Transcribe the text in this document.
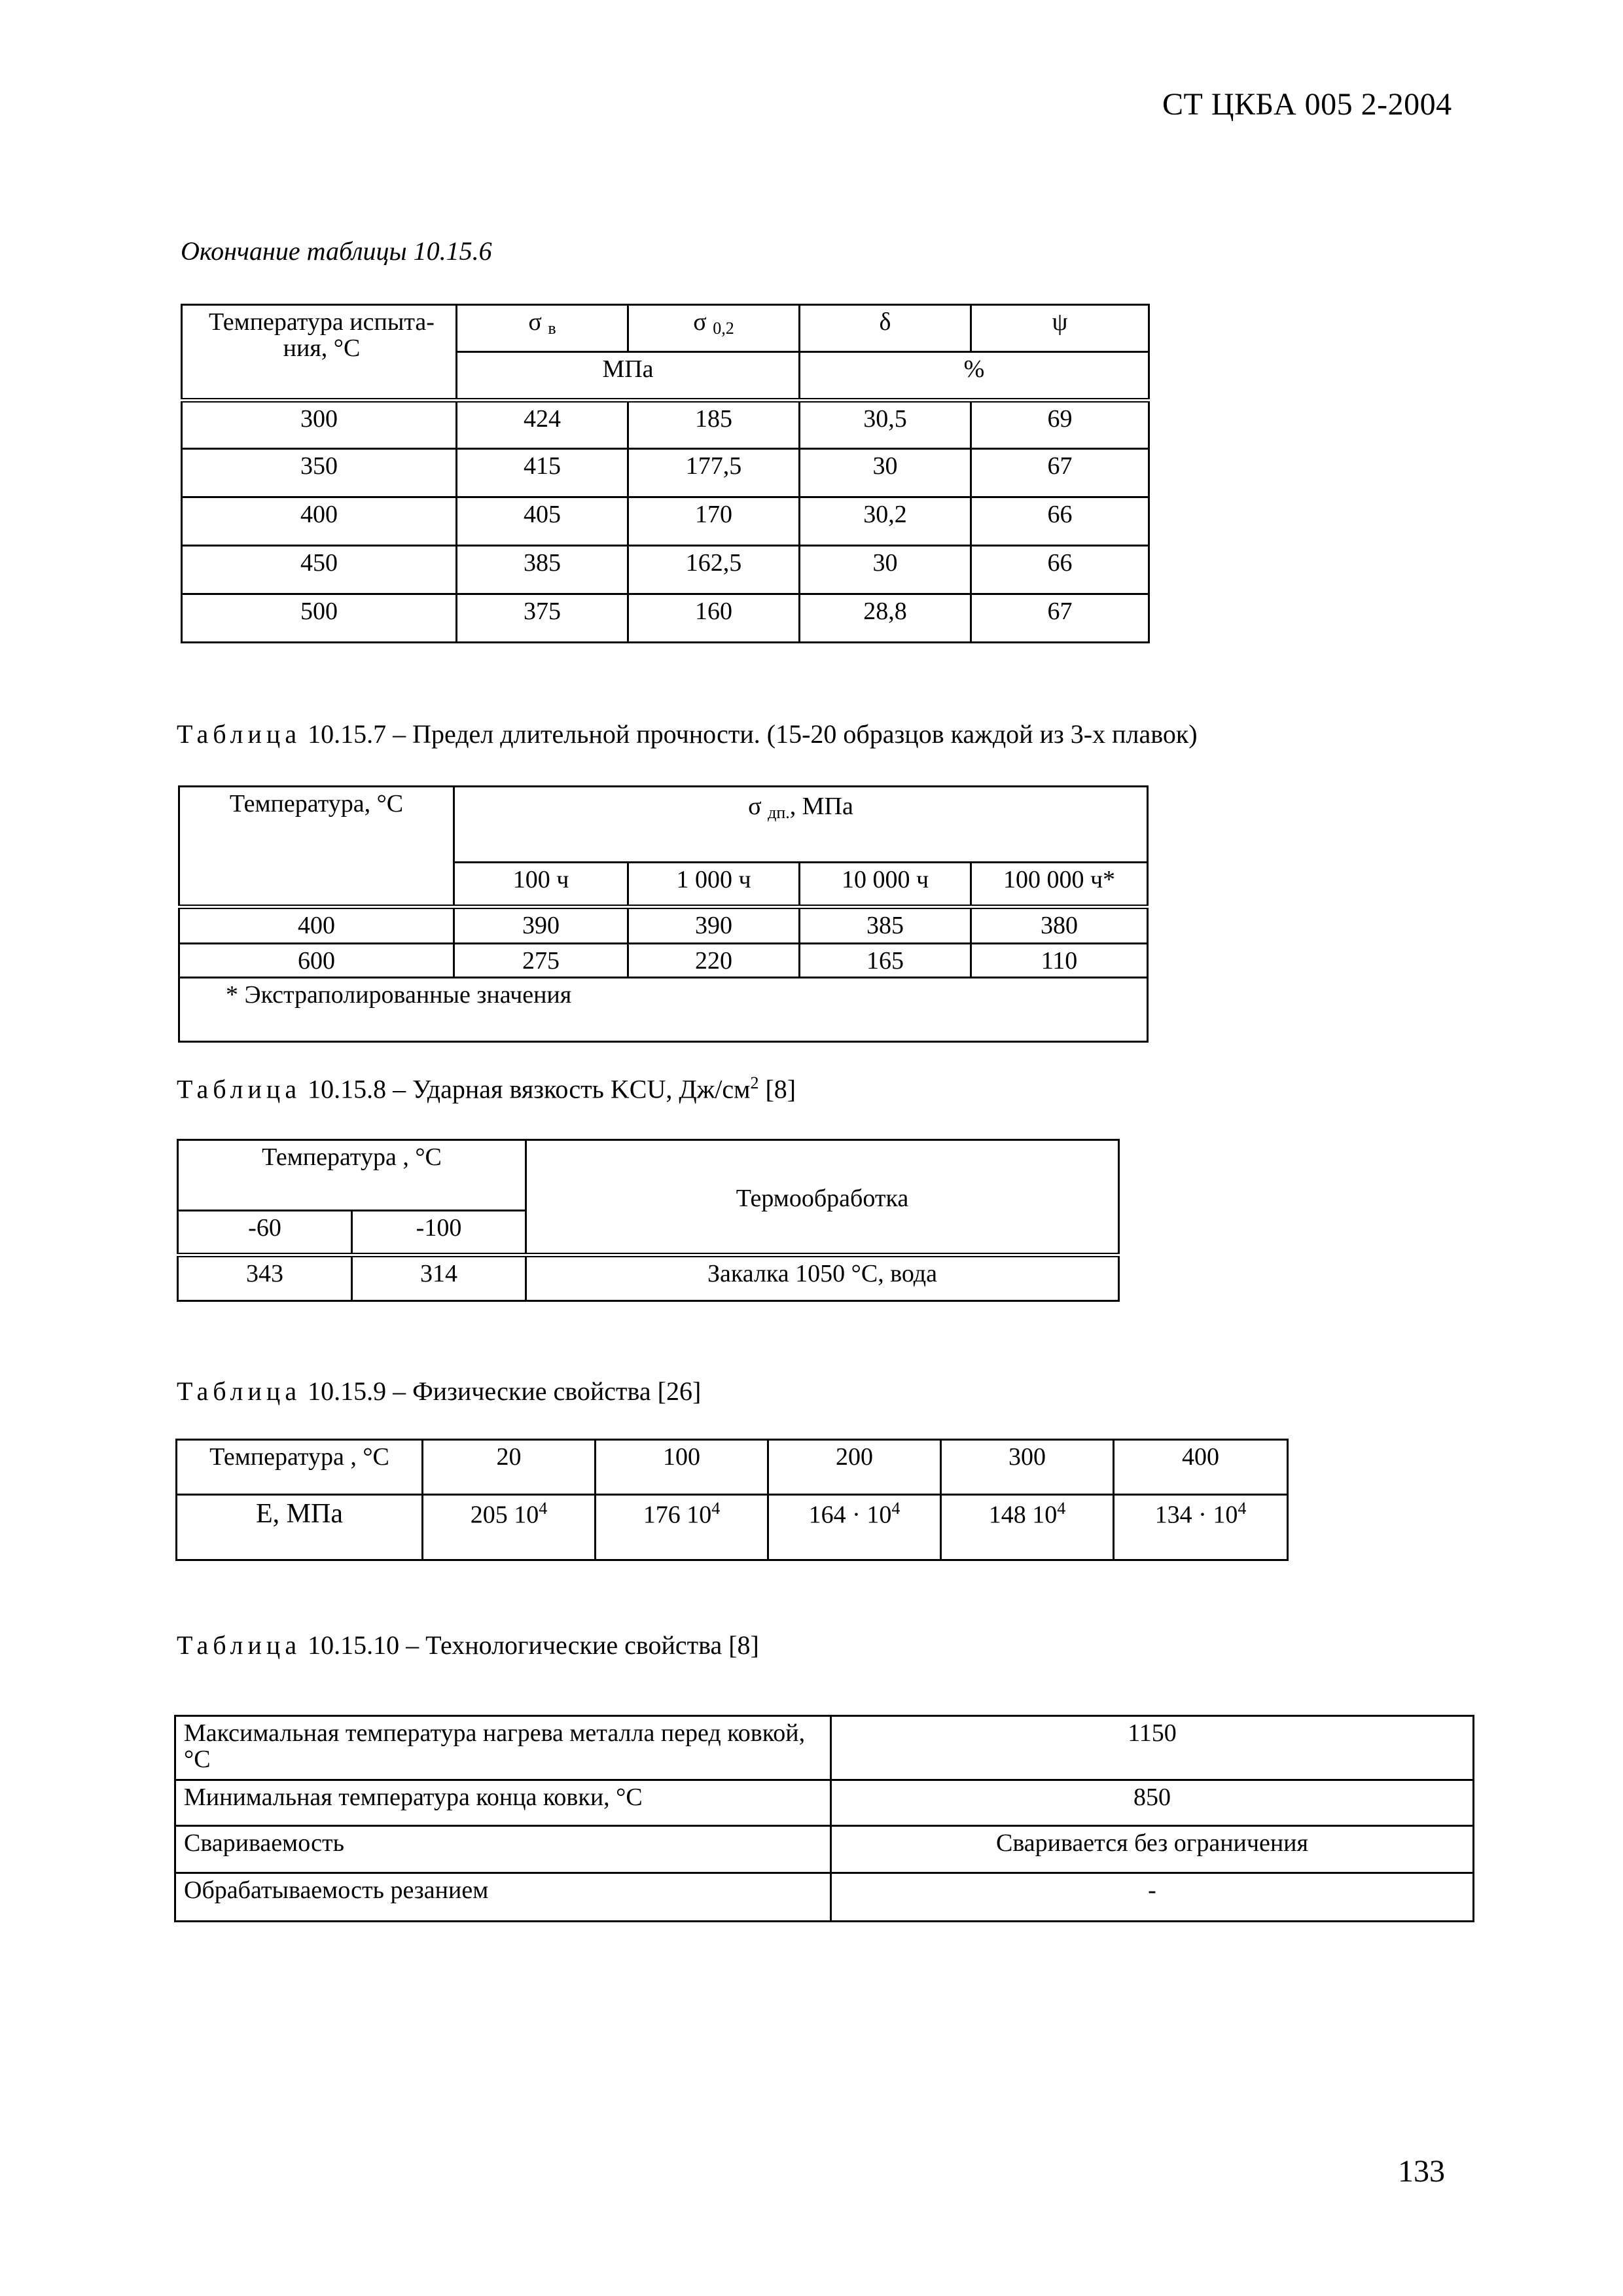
СТ ЦКБА 005 2-2004
Окончание таблицы 10.15.6
Температура испыта-ния, °С	σ в	σ 0,2	δ	ψ
	МПа		%	
300	424	185	30,5	69
350	415	177,5	30	67
400	405	170	30,2	66
450	385	162,5	30	66
500	375	160	28,8	67
Таблица 10.15.7 – Предел длительной прочности. (15-20 образцов каждой из 3-х плавок)
Температура, °С	σ дп., МПа			
	100 ч	1 000 ч	10 000 ч	100 000 ч*
400	390	390	385	380
600	275	220	165	110
* Экстраполированные значения				
Таблица 10.15.8 – Ударная вязкость KCU, $Дж/см^2$ [8]
Температура , °С		Термообработка
-60	-100	
343	314	Закалка 1050 °С, вода
Таблица 10.15.9 – Физические свойства [26]
Температура , °С	20	100	200	300	400
E, МПа	205 $10^4$	176 $10^4$	$164 \cdot 10^4$	148 $10^4$	$134 \cdot 10^4$
Таблица 10.15.10 – Технологические свойства [8]
Максимальная температура нагрева металла перед ковкой, °С	1150
Минимальная температура конца ковки, °С	850
Свариваемость	Сваривается без ограничения
Обрабатываемость резанием	-
133
